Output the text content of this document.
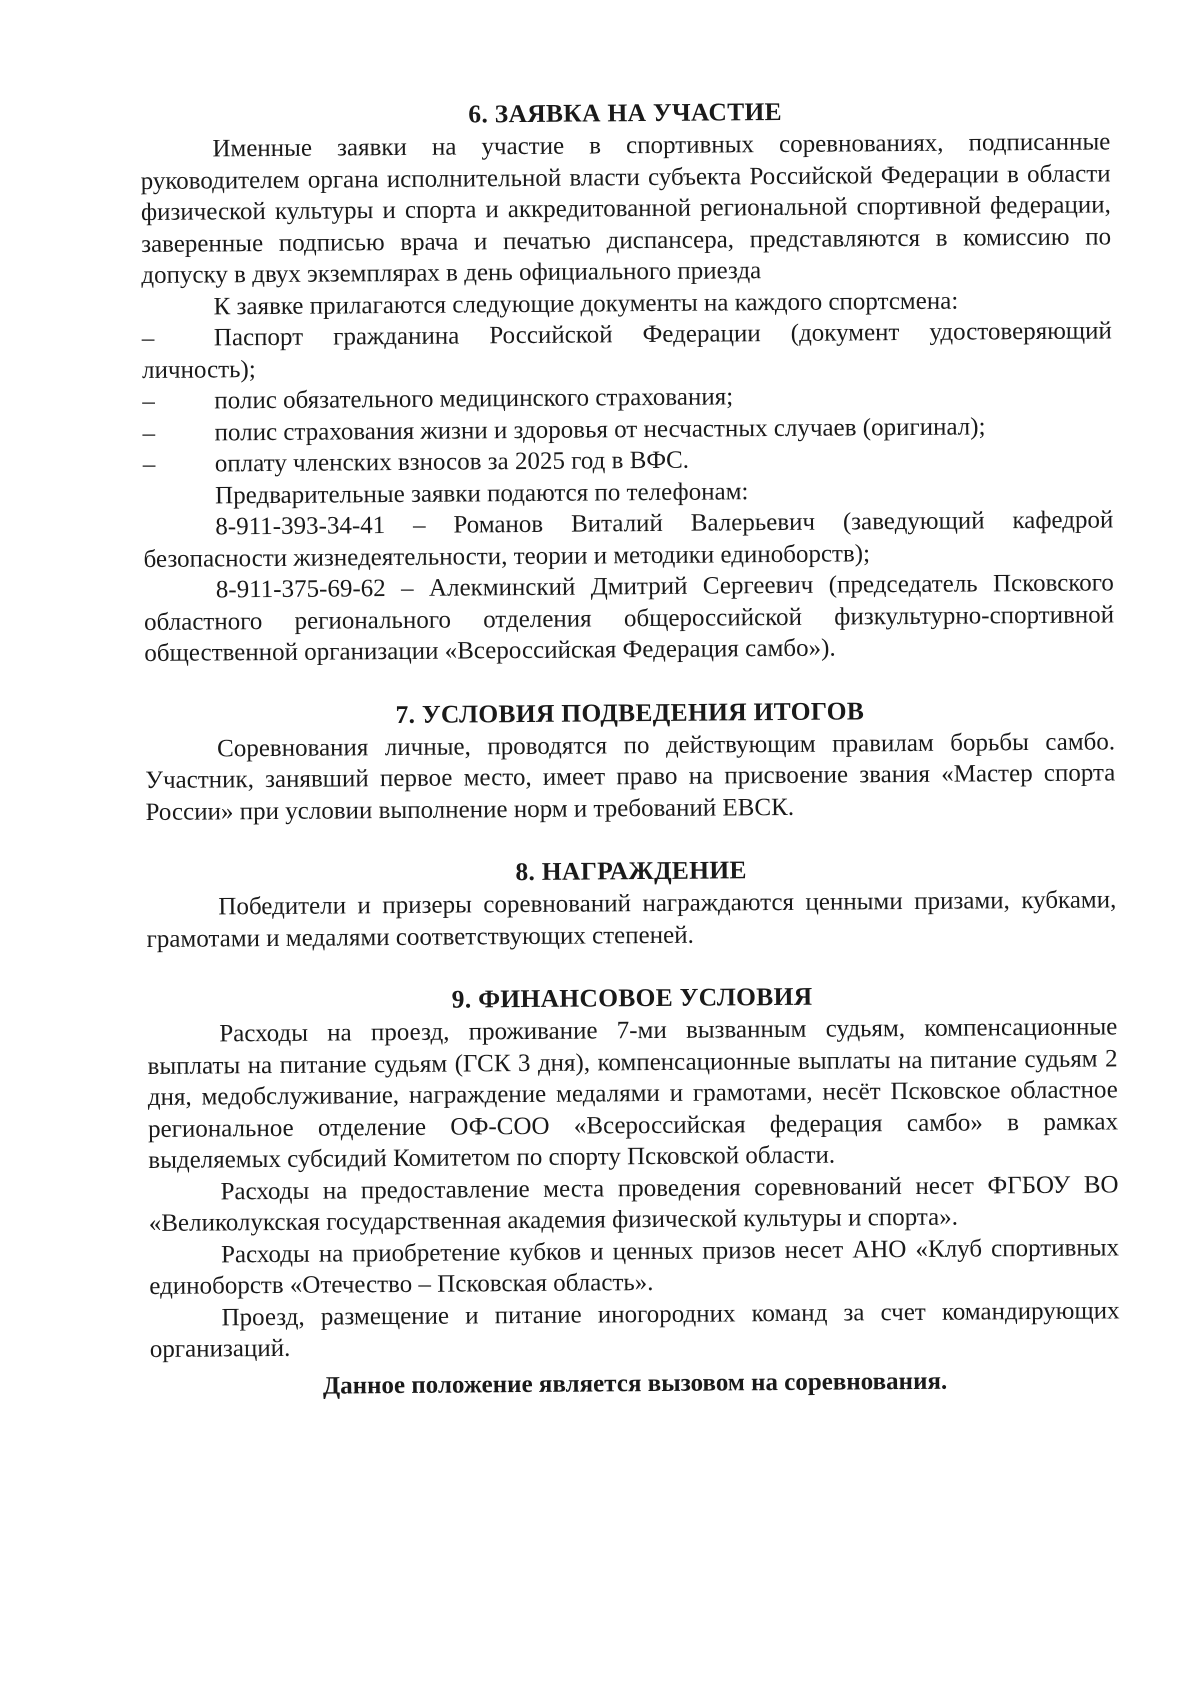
6. ЗАЯВКА НА УЧАСТИЕ

Именные заявки на участие в спортивных соревнованиях, подписанные руководителем органа исполнительной власти субъекта Российской Федерации в области физической культуры и спорта и аккредитованной региональной спортивной федерации, заверенные подписью врача и печатью диспансера, представляются в комиссию по допуску в двух экземплярах в день официального приезда

К заявке прилагаются следующие документы на каждого спортсмена:

– Паспорт гражданина Российской Федерации (документ удостоверяющий личность);

– полис обязательного медицинского страхования;

– полис страхования жизни и здоровья от несчастных случаев (оригинал);

– оплату членских взносов за 2025 год в ВФС.

Предварительные заявки подаются по телефонам:

8-911-393-34-41 – Романов Виталий Валерьевич (заведующий кафедрой безопасности жизнедеятельности, теории и методики единоборств);

8-911-375-69-62 – Алекминский Дмитрий Сергеевич (председатель Псковского областного регионального отделения общероссийской физкультурно-спортивной общественной организации «Всероссийская Федерация самбо»).

7. УСЛОВИЯ ПОДВЕДЕНИЯ ИТОГОВ

Соревнования личные, проводятся по действующим правилам борьбы самбо. Участник, занявший первое место, имеет право на присвоение звания «Мастер спорта России» при условии выполнение норм и требований ЕВСК.

8. НАГРАЖДЕНИЕ

Победители и призеры соревнований награждаются ценными призами, кубками, грамотами и медалями соответствующих степеней.

9. ФИНАНСОВОЕ УСЛОВИЯ

Расходы на проезд, проживание 7-ми вызванным судьям, компенсационные выплаты на питание судьям (ГСК 3 дня), компенсационные выплаты на питание судьям 2 дня, медобслуживание, награждение медалями и грамотами, несёт Псковское областное региональное отделение ОФ-СОО «Всероссийская федерация самбо» в рамках выделяемых субсидий Комитетом по спорту Псковской области.

Расходы на предоставление места проведения соревнований несет ФГБОУ ВО «Великолукская государственная академия физической культуры и спорта».

Расходы на приобретение кубков и ценных призов несет АНО «Клуб спортивных единоборств «Отечество – Псковская область».

Проезд, размещение и питание иногородних команд за счет командирующих организаций.

Данное положение является вызовом на соревнования.
